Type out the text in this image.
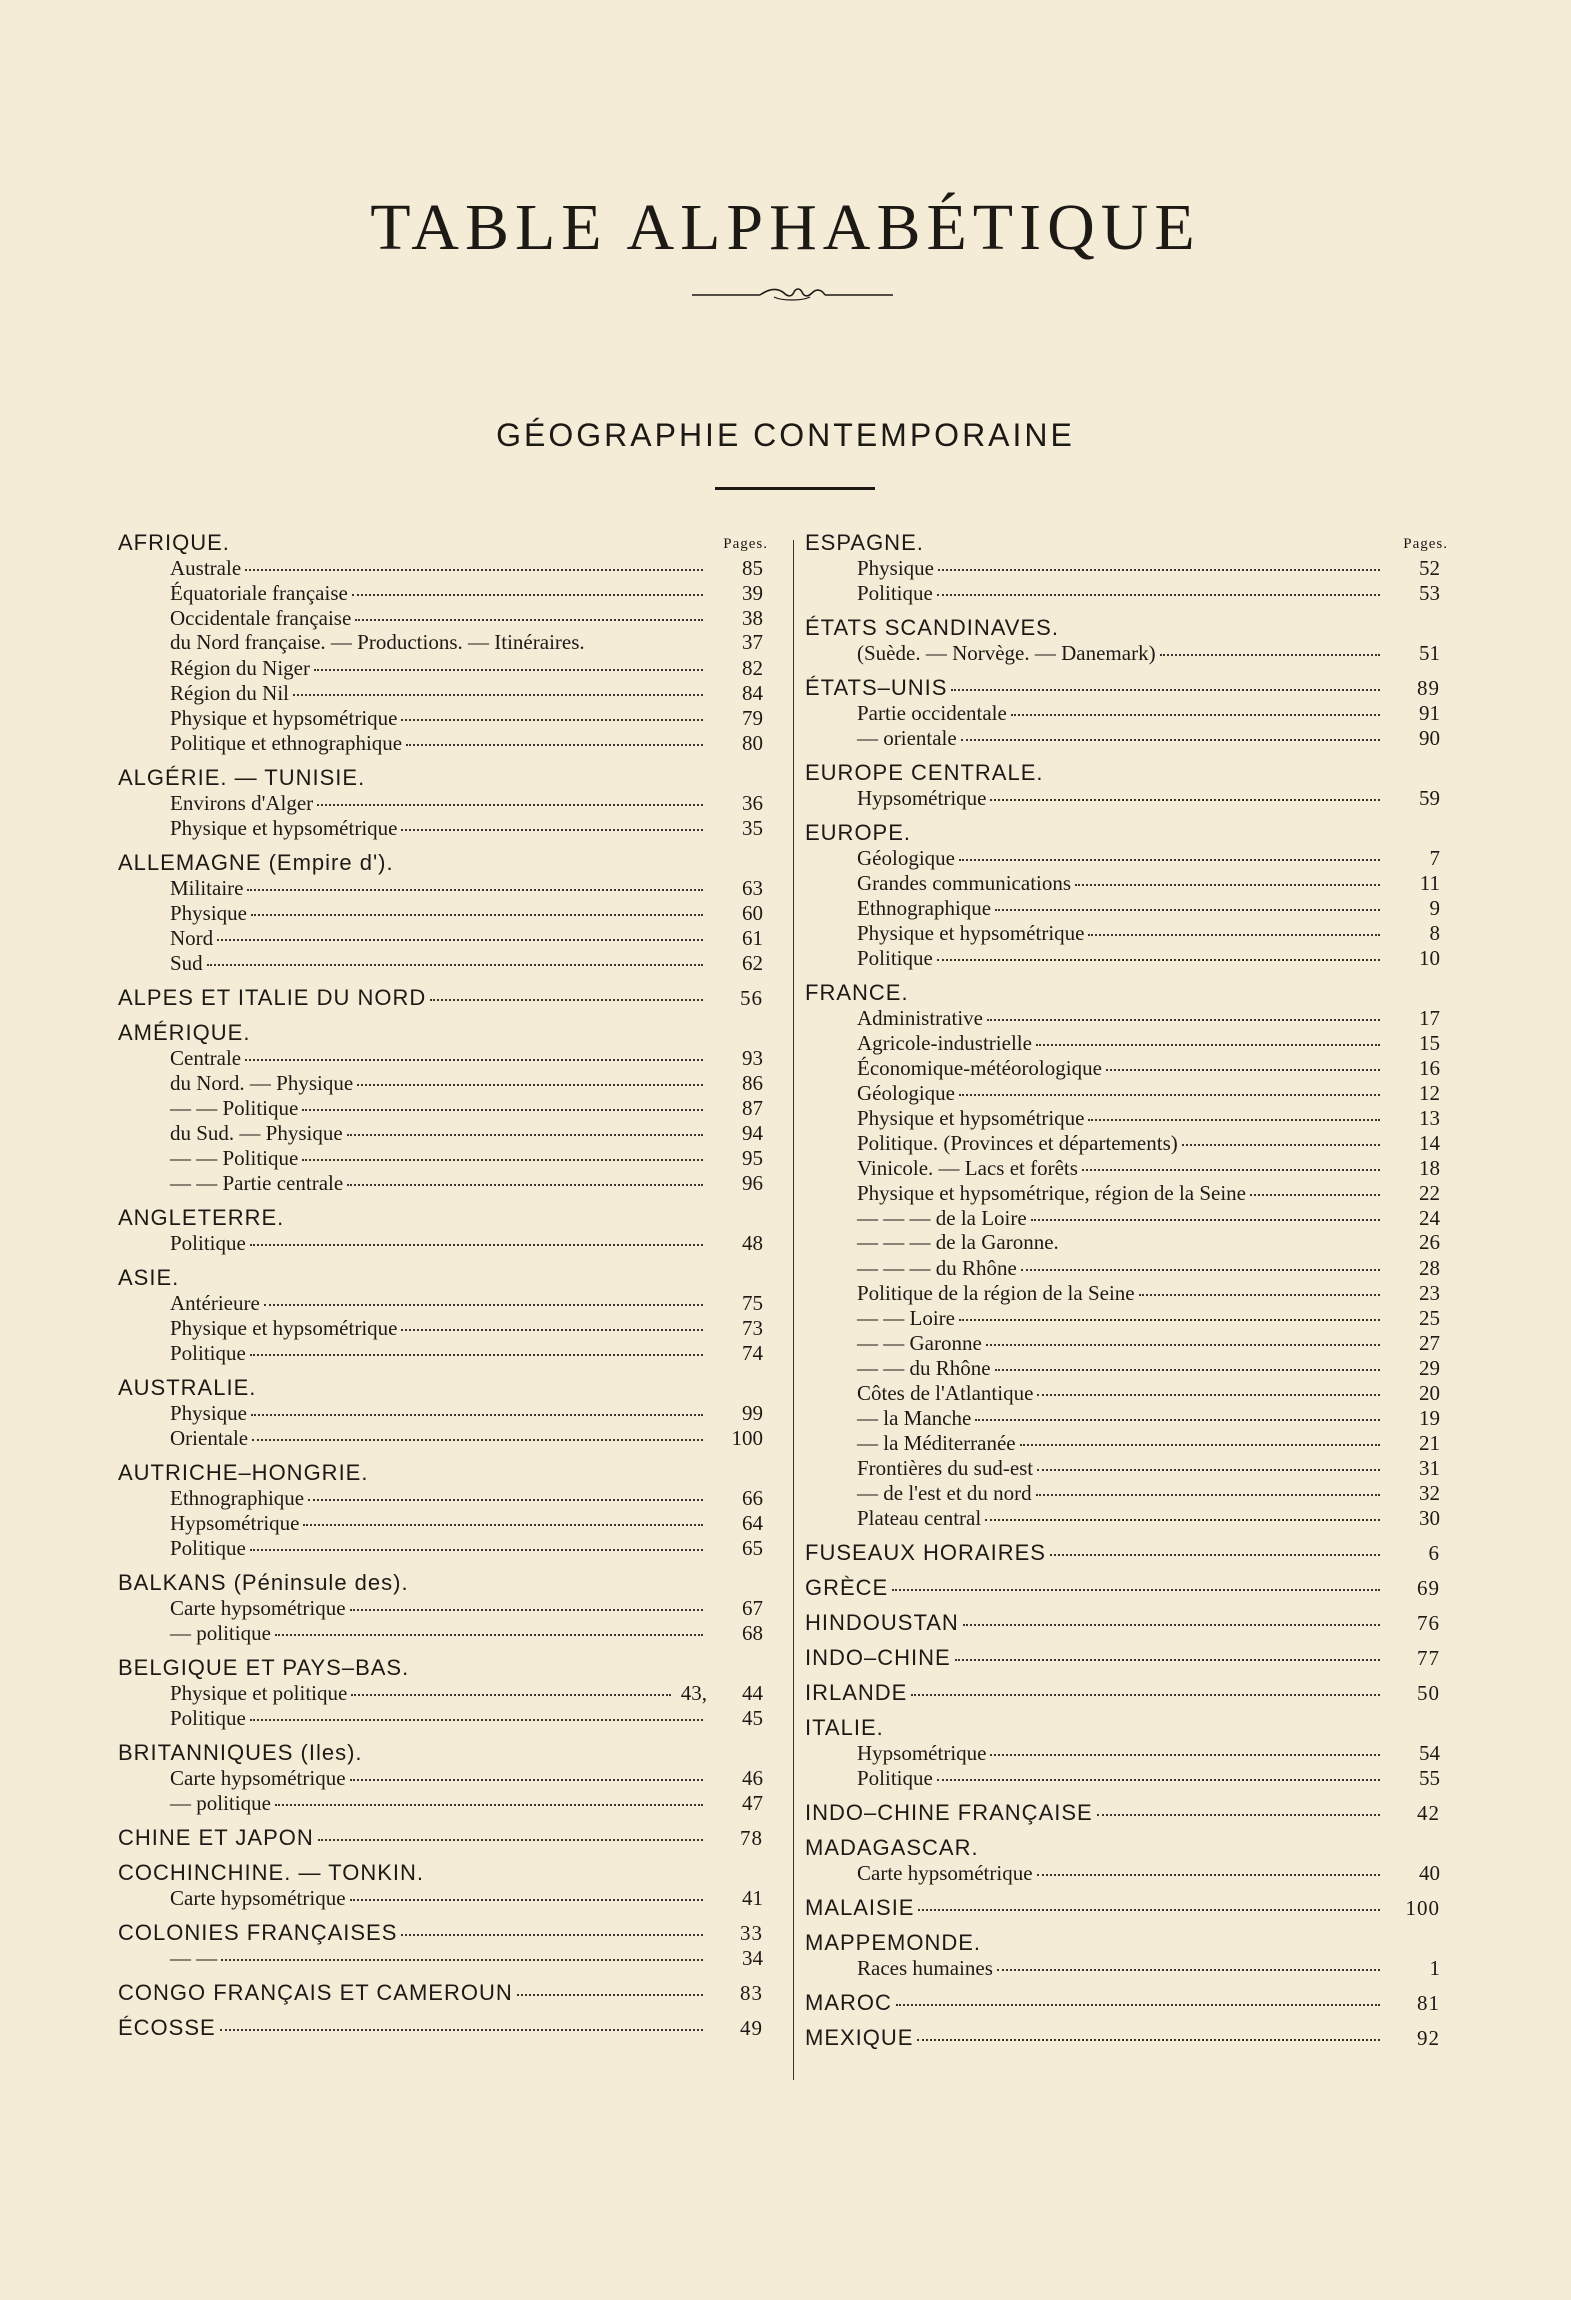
TABLE ALPHABÉTIQUE
GÉOGRAPHIE CONTEMPORAINE
Pages.
AFRIQUE.
Australe	85
Équatoriale française	39
Occidentale française	38
du Nord française. — Productions. — Itinéraires.	37
Région du Niger	82
Région du Nil	84
Physique et hypsométrique	79
Politique et ethnographique	80
ALGÉRIE. — TUNISIE.
Environs d'Alger	36
Physique et hypsométrique	35
ALLEMAGNE (Empire d').
Militaire	63
Physique	60
Nord	61
Sud	62
ALPES ET ITALIE DU NORD	56
AMÉRIQUE.
Centrale	93
du Nord. — Physique	86
— — Politique	87
du Sud. — Physique	94
— — Politique	95
— — Partie centrale	96
ANGLETERRE.
Politique	48
ASIE.
Antérieure	75
Physique et hypsométrique	73
Politique	74
AUSTRALIE.
Physique	99
Orientale	100
AUTRICHE–HONGRIE.
Ethnographique	66
Hypsométrique	64
Politique	65
BALKANS (Péninsule des).
Carte hypsométrique	67
— politique	68
BELGIQUE ET PAYS–BAS.
Physique et politique	43,	44
Politique	45
BRITANNIQUES (Iles).
Carte hypsométrique	46
— politique	47
CHINE ET JAPON	78
COCHINCHINE. — TONKIN.
Carte hypsométrique	41
COLONIES FRANÇAISES	33
— —	34
CONGO FRANÇAIS ET CAMEROUN	83
ÉCOSSE	49
Pages.
ESPAGNE.
Physique	52
Politique	53
ÉTATS SCANDINAVES.
(Suède. — Norvège. — Danemark)	51
ÉTATS–UNIS	89
Partie occidentale	91
— orientale	90
EUROPE CENTRALE.
Hypsométrique	59
EUROPE.
Géologique	7
Grandes communications	11
Ethnographique	9
Physique et hypsométrique	8
Politique	10
FRANCE.
Administrative	17
Agricole-industrielle	15
Économique-météorologique	16
Géologique	12
Physique et hypsométrique	13
Politique. (Provinces et départements)	14
Vinicole. — Lacs et forêts	18
Physique et hypsométrique, région de la Seine	22
— — — de la Loire	24
— — — de la Garonne.	26
— — — du Rhône	28
Politique de la région de la Seine	23
— — Loire	25
— — Garonne	27
— — du Rhône	29
Côtes de l'Atlantique	20
— la Manche	19
— la Méditerranée	21
Frontières du sud-est	31
— de l'est et du nord	32
Plateau central	30
FUSEAUX HORAIRES	6
GRÈCE	69
HINDOUSTAN	76
INDO–CHINE	77
IRLANDE	50
ITALIE.
Hypsométrique	54
Politique	55
INDO–CHINE FRANÇAISE	42
MADAGASCAR.
Carte hypsométrique	40
MALAISIE	100
MAPPEMONDE.
Races humaines	1
MAROC	81
MEXIQUE	92
